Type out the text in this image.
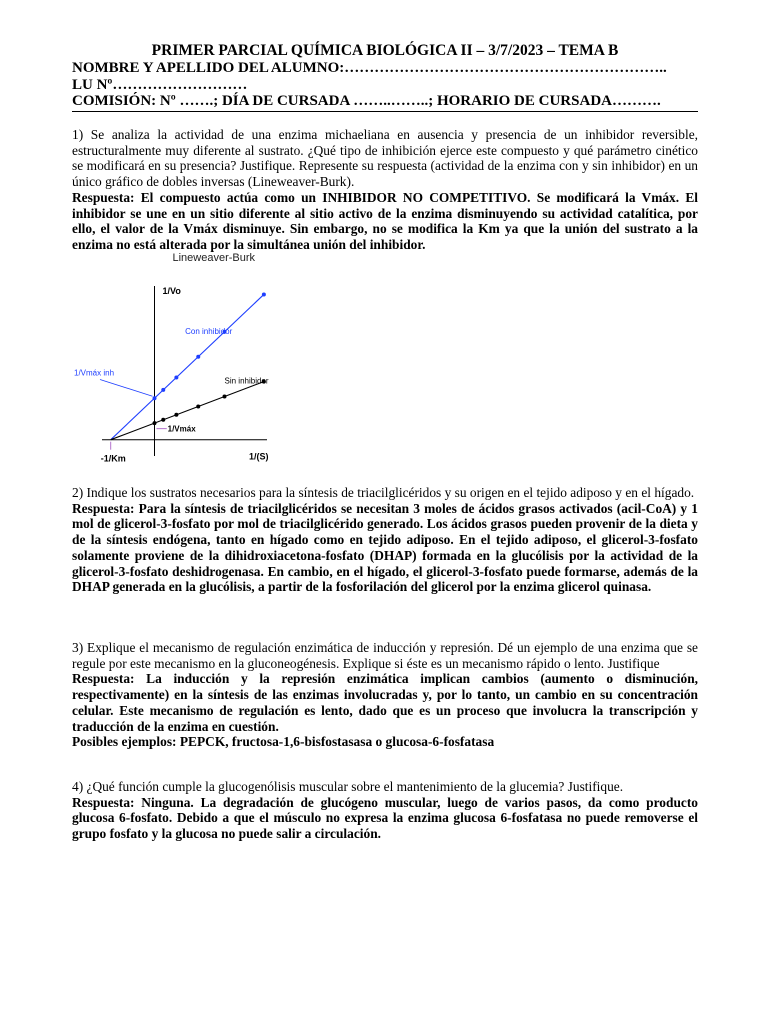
PRIMER PARCIAL QUÍMICA BIOLÓGICA II – 3/7/2023 – TEMA B
NOMBRE Y APELLIDO DEL ALUMNO:………………………………………………………..
LU Nº………………………
COMISIÓN: Nº …….; DÍA DE CURSADA ……..……..; HORARIO DE CURSADA……….

1) Se analiza la actividad de una enzima michaeliana en ausencia y presencia de un inhibidor reversible, estructuralmente muy diferente al sustrato. ¿Qué tipo de inhibición ejerce este compuesto y qué parámetro cinético se modificará en su presencia? Justifique. Represente su respuesta (actividad de la enzima con y sin inhibidor) en un único gráfico de dobles inversas (Lineweaver-Burk).

Respuesta: El compuesto actúa como un INHIBIDOR NO COMPETITIVO. Se modificará la Vmáx. El inhibidor se une en un sitio diferente al sitio activo de la enzima disminuyendo su actividad catalítica, por ello, el valor de la Vmáx disminuye. Sin embargo, no se modifica la Km ya que la unión del sustrato a la enzima no está alterada por la simultánea unión del inhibidor.

Lineweaver-Burk
1/Vo
1/(S)
-1/Km
Con inhibidor
Sin inhibidor
1/Vmáx inh
1/Vmáx

2) Indique los sustratos necesarios para la síntesis de triacilglicéridos y su origen en el tejido adiposo y en el hígado.

Respuesta: Para la síntesis de triacilglicéridos se necesitan 3 moles de ácidos grasos activados (acil-CoA) y 1 mol de glicerol-3-fosfato por mol de triacilglicérido generado. Los ácidos grasos pueden provenir de la dieta y de la síntesis endógena, tanto en hígado como en tejido adiposo. En el tejido adiposo, el glicerol-3-fosfato solamente proviene de la dihidroxiacetona-fosfato (DHAP) formada en la glucólisis por la actividad de la glicerol-3-fosfato deshidrogenasa. En cambio, en el hígado, el glicerol-3-fosfato puede formarse, además de la DHAP generada en la glucólisis, a partir de la fosforilación del glicerol por la enzima glicerol quinasa.

3) Explique el mecanismo de regulación enzimática de inducción y represión. Dé un ejemplo de una enzima que se regule por este mecanismo en la gluconeogénesis. Explique si éste es un mecanismo rápido o lento. Justifique

Respuesta: La inducción y la represión enzimática implican cambios (aumento o disminución, respectivamente) en la síntesis de las enzimas involucradas y, por lo tanto, un cambio en su concentración celular. Este mecanismo de regulación es lento, dado que es un proceso que involucra la transcripción y traducción de la enzima en cuestión.

Posibles ejemplos: PEPCK, fructosa-1,6-bisfostasasa o glucosa-6-fosfatasa

4) ¿Qué función cumple la glucogenólisis muscular sobre el mantenimiento de la glucemia? Justifique.

Respuesta: Ninguna. La degradación de glucógeno muscular, luego de varios pasos, da como producto glucosa 6-fosfato. Debido a que el músculo no expresa la enzima glucosa 6-fosfatasa no puede removerse el grupo fosfato y la glucosa no puede salir a circulación.
